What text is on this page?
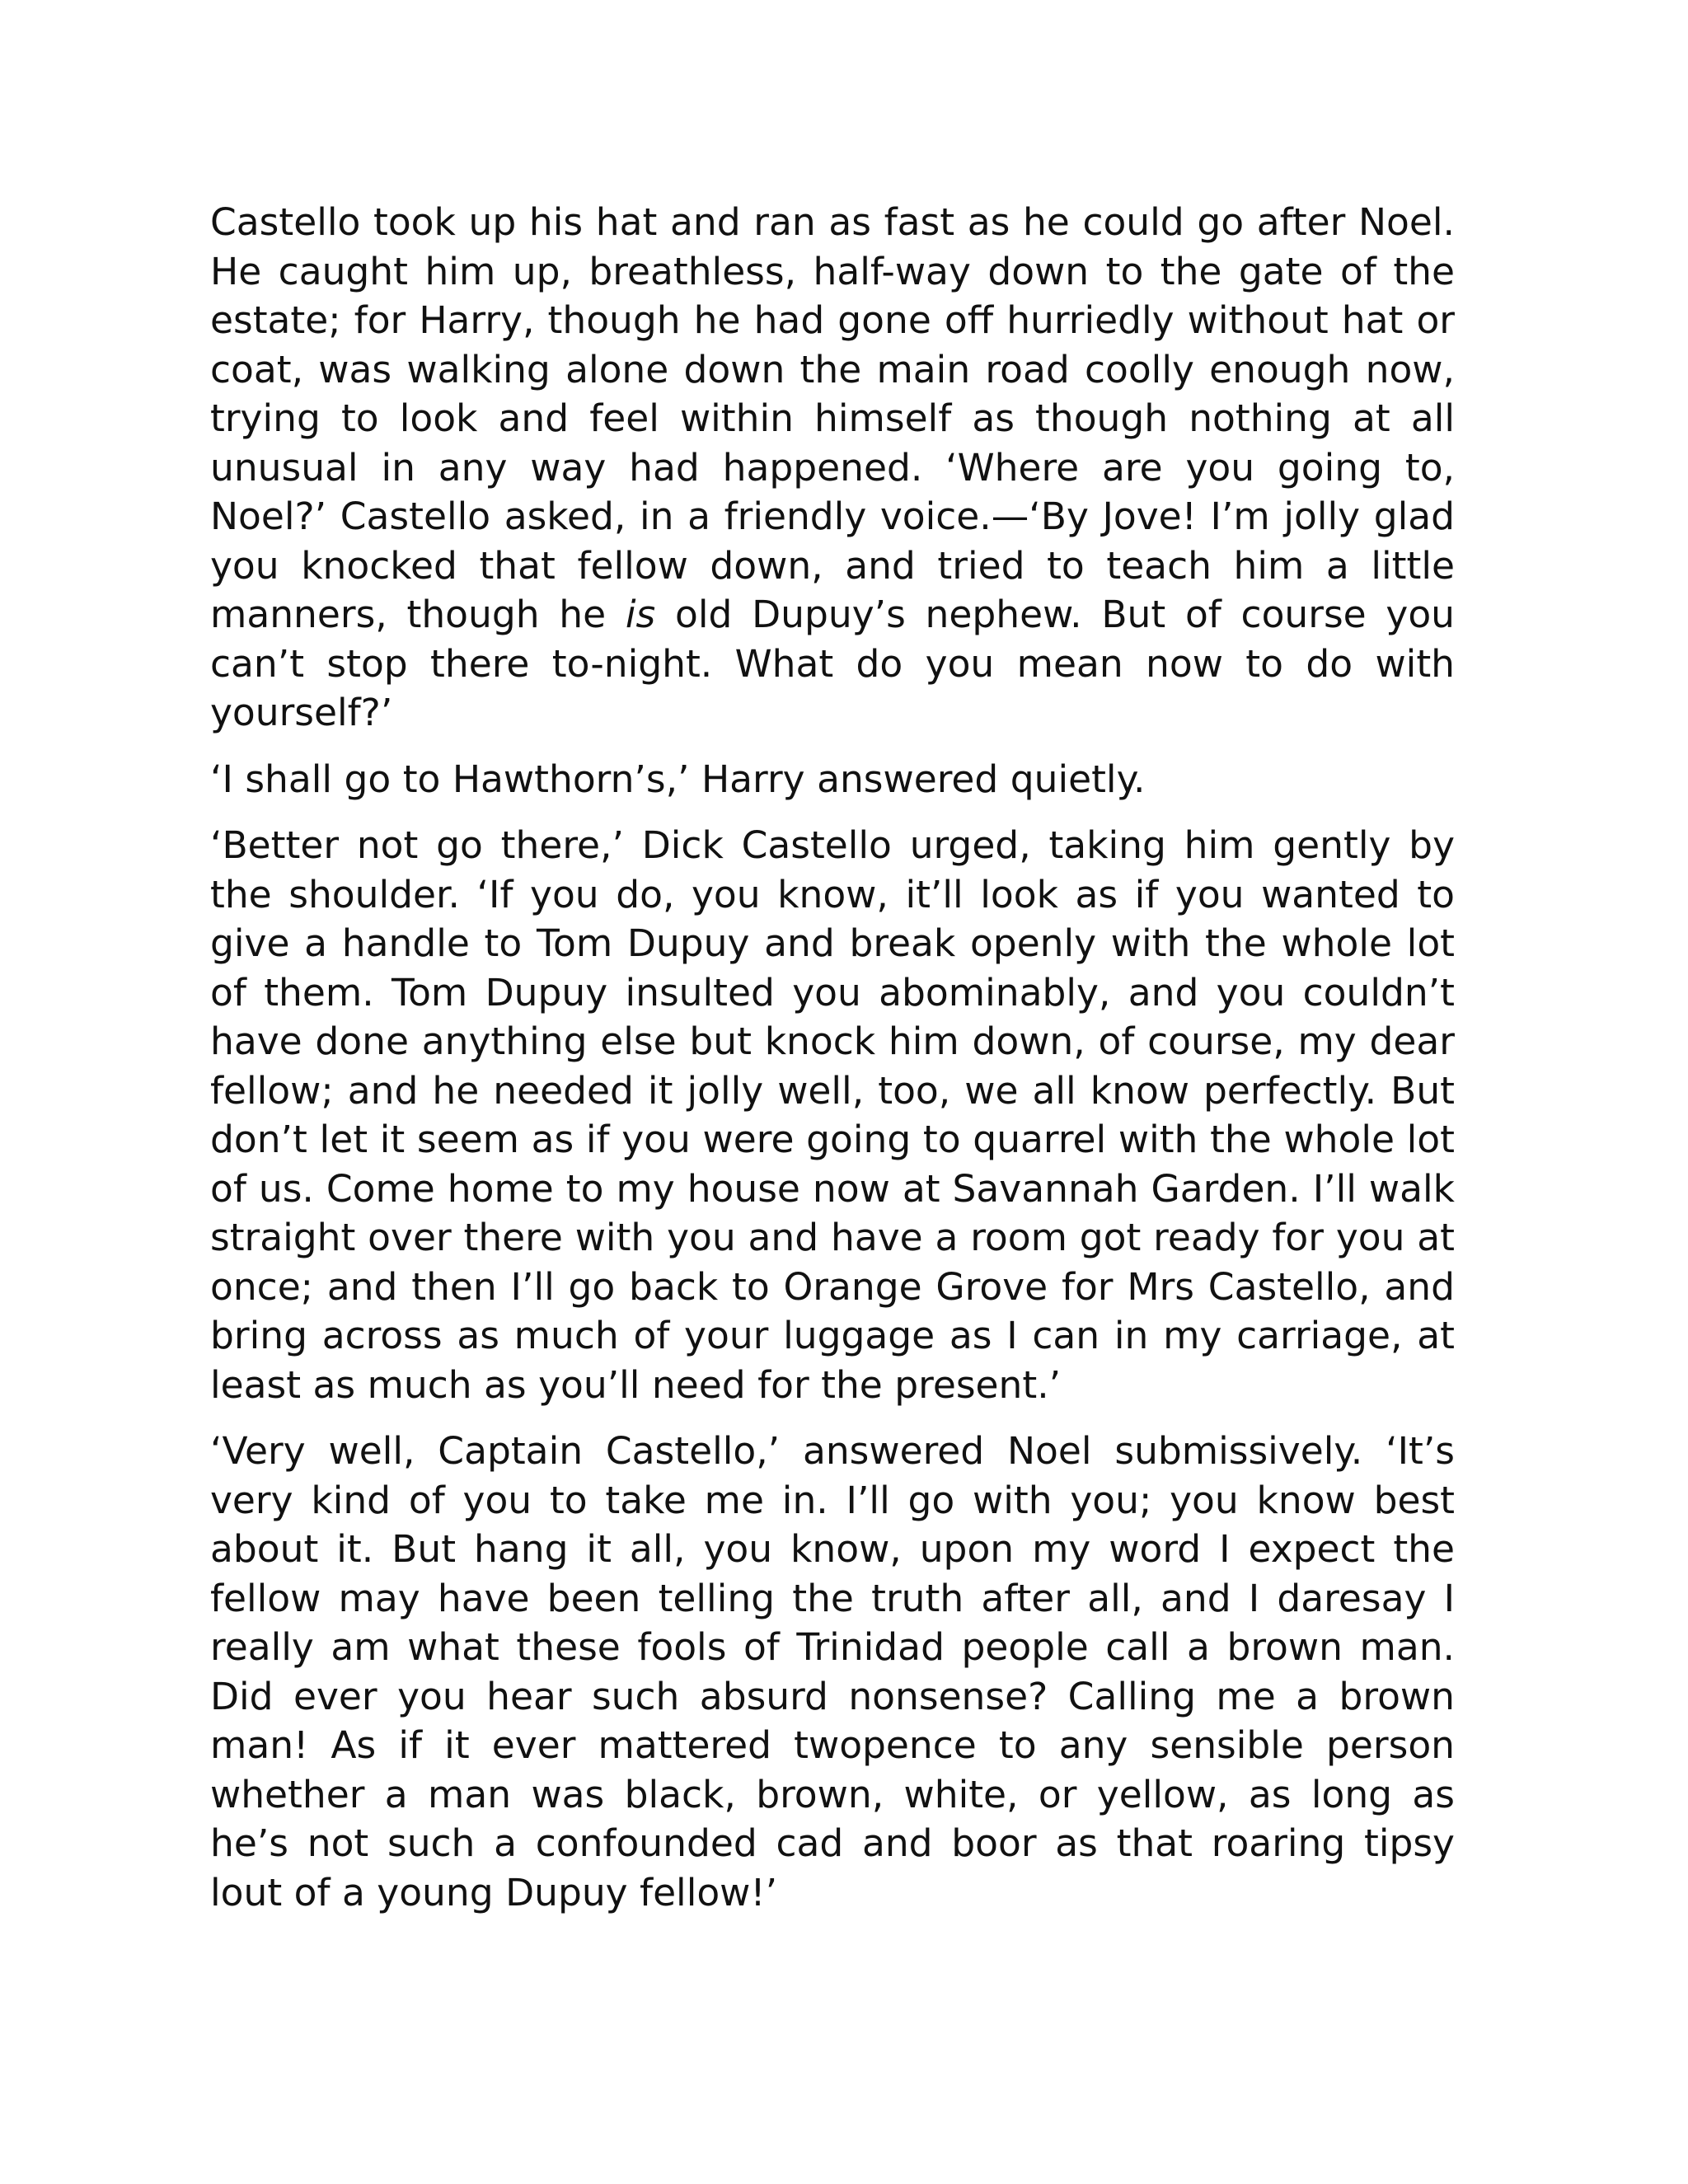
Castello took up his hat and ran as fast as he could go after Noel. He caught him up, breathless, half-way down to the gate of the estate; for Harry, though he had gone off hurriedly without hat or coat, was walking alone down the main road coolly enough now, trying to look and feel within himself as though nothing at all unusual in any way had happened. ‘Where are you going to, Noel?’ Castello asked, in a friendly voice.—‘By Jove! I’m jolly glad you knocked that fellow down, and tried to teach him a little manners, though he is old Dupuy’s nephew. But of course you can’t stop there to-night. What do you mean now to do with yourself?’

‘I shall go to Hawthorn’s,’ Harry answered quietly.

‘Better not go there,’ Dick Castello urged, taking him gently by the shoulder. ‘If you do, you know, it’ll look as if you wanted to give a handle to Tom Dupuy and break openly with the whole lot of them. Tom Dupuy insulted you abominably, and you couldn’t have done anything else but knock him down, of course, my dear fellow; and he needed it jolly well, too, we all know perfectly. But don’t let it seem as if you were going to quarrel with the whole lot of us. Come home to my house now at Savannah Garden. I’ll walk straight over there with you and have a room got ready for you at once; and then I’ll go back to Orange Grove for Mrs Castello, and bring across as much of your luggage as I can in my carriage, at least as much as you’ll need for the present.’

‘Very well, Captain Castello,’ answered Noel submissively. ‘It’s very kind of you to take me in. I’ll go with you; you know best about it. But hang it all, you know, upon my word I expect the fellow may have been telling the truth after all, and I daresay I really am what these fools of Trinidad people call a brown man. Did ever you hear such absurd nonsense? Calling me a brown man! As if it ever mattered twopence to any sensible person whether a man was black, brown, white, or yellow, as long as he’s not such a confounded cad and boor as that roaring tipsy lout of a young Dupuy fellow!’
